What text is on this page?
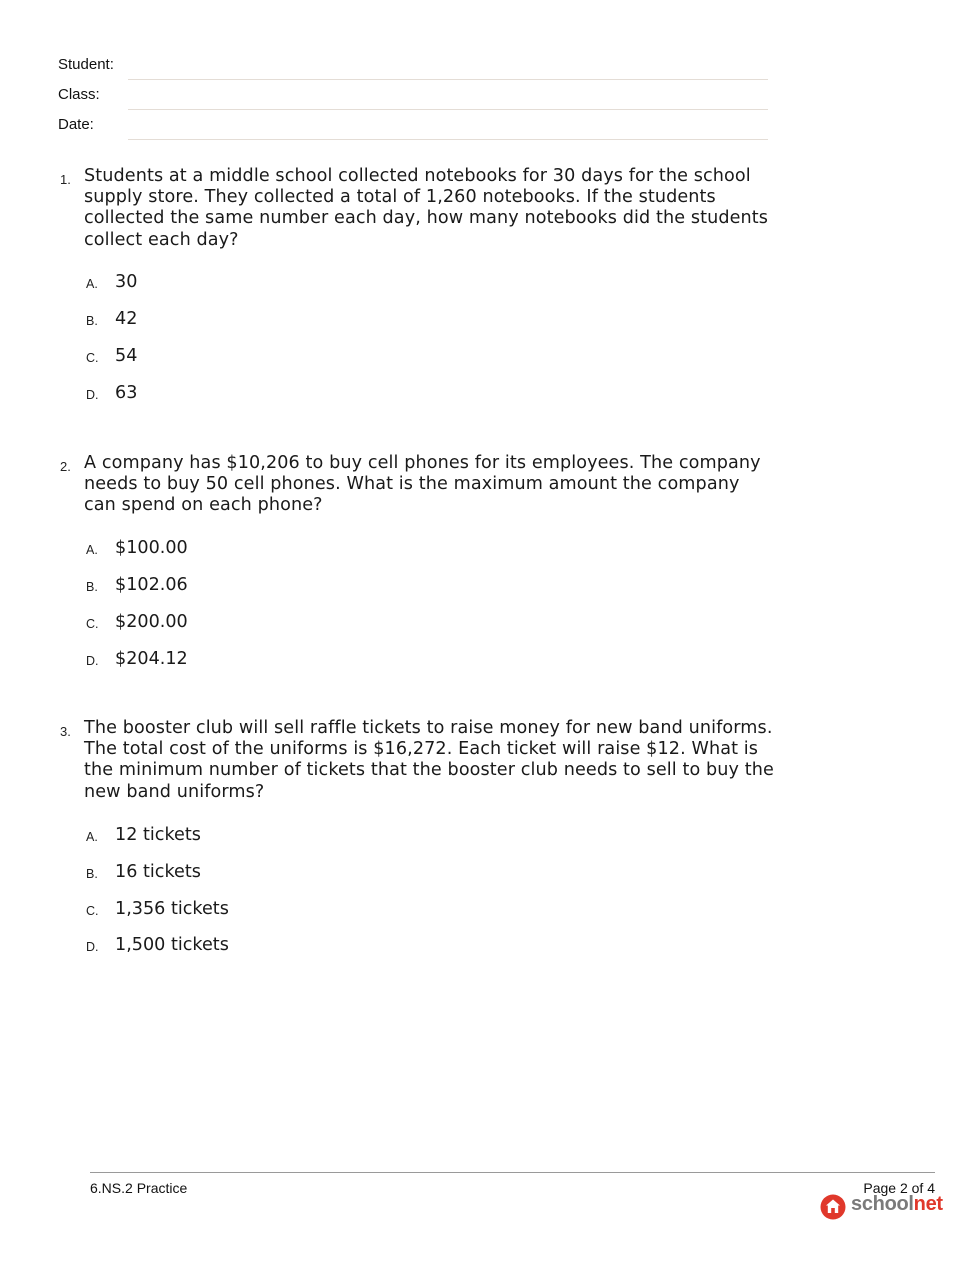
Student:
Class:
Date:
1. Students at a middle school collected notebooks for 30 days for the school supply store. They collected a total of 1,260 notebooks. If the students collected the same number each day, how many notebooks did the students collect each day?
A. 30
B. 42
C. 54
D. 63
2. A company has $10,206 to buy cell phones for its employees. The company needs to buy 50 cell phones. What is the maximum amount the company can spend on each phone?
A. $100.00
B. $102.06
C. $200.00
D. $204.12
3. The booster club will sell raffle tickets to raise money for new band uniforms. The total cost of the uniforms is $16,272. Each ticket will raise $12. What is the minimum number of tickets that the booster club needs to sell to buy the new band uniforms?
A. 12 tickets
B. 16 tickets
C. 1,356 tickets
D. 1,500 tickets
6.NS.2 Practice	Page 2 of 4
schoolnet
